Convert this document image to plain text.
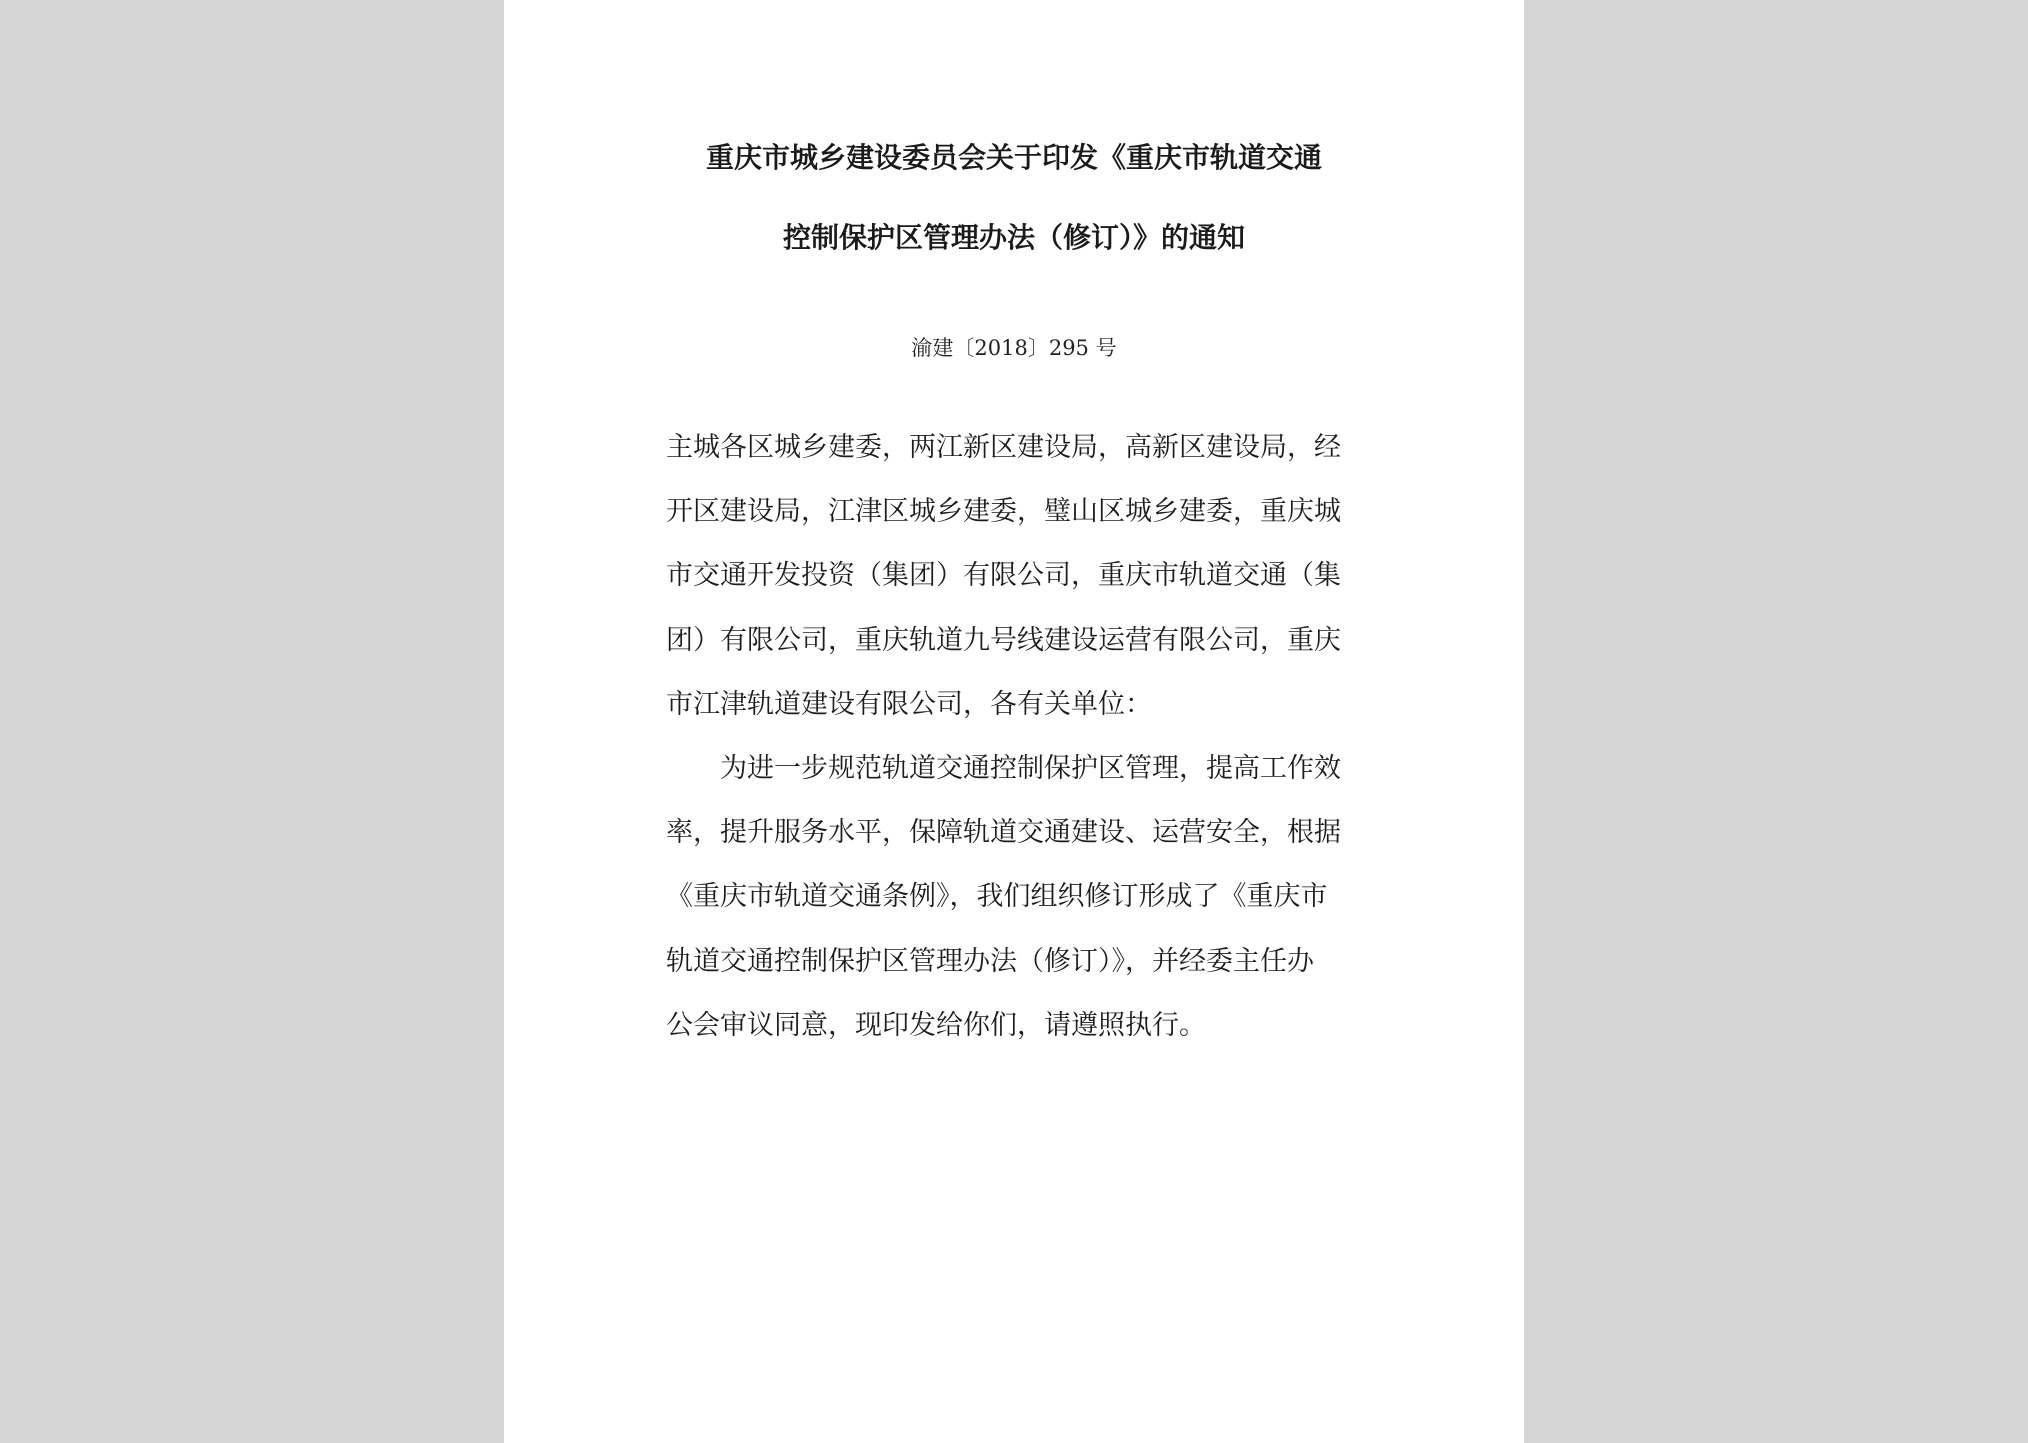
重庆市城乡建设委员会关于印发《重庆市轨道交通
控制保护区管理办法（修订）》的通知
渝建〔2018〕295 号
主城各区城乡建委，两江新区建设局，高新区建设局，经
开区建设局，江津区城乡建委，璧山区城乡建委，重庆城
市交通开发投资（集团）有限公司，重庆市轨道交通（集
团）有限公司，重庆轨道九号线建设运营有限公司，重庆
市江津轨道建设有限公司，各有关单位：
为进一步规范轨道交通控制保护区管理，提高工作效
率，提升服务水平，保障轨道交通建设、运营安全，根据
《重庆市轨道交通条例》，我们组织修订形成了《重庆市
轨道交通控制保护区管理办法（修订）》，并经委主任办
公会审议同意，现印发给你们，请遵照执行。
